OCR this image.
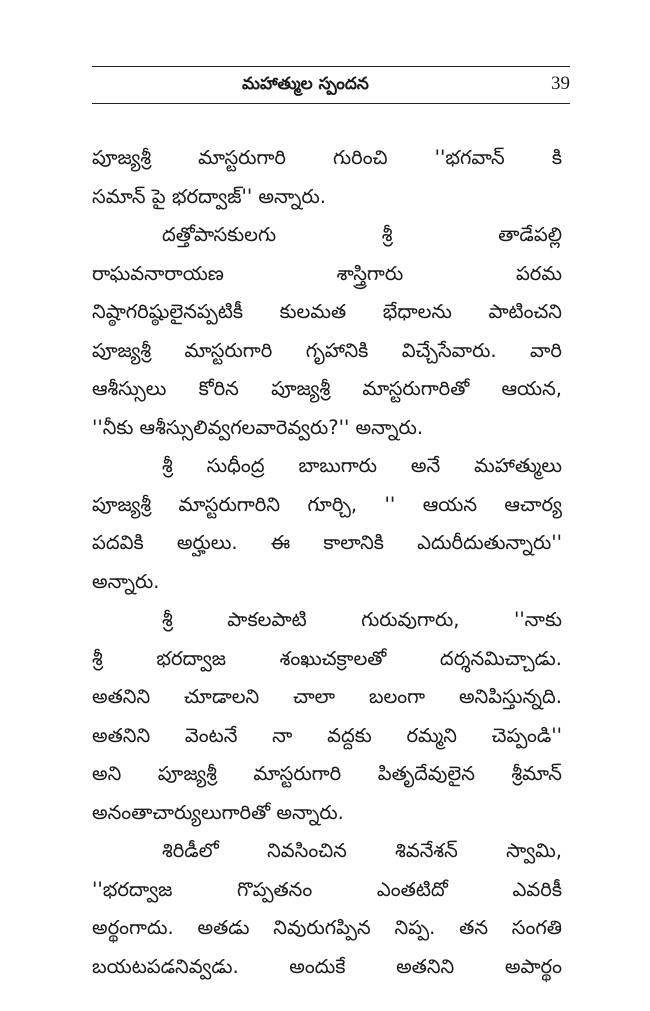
మహాత్ముల స్పందన	39
పూజ్యశ్రీ మాస్టరుగారి గురించి ''భగవాన్ కి
సమాన్ పై భరద్వాజ్'' అన్నారు.
దత్తోపాసకులగు శ్రీ తాడేపల్లి
రాఘవనారాయణ శాస్త్రిగారు పరమ
నిష్ఠాగరిష్ఠులైనప్పటికీ కులమత భేధాలను పాటించని
పూజ్యశ్రీ మాస్టరుగారి గృహానికి విచ్చేసేవారు. వారి
ఆశీస్సులు కోరిన పూజ్యశ్రీ మాస్టరుగారితో ఆయన,
''నీకు ఆశీస్సులివ్వగలవారెవ్వరు?'' అన్నారు.
శ్రీ సుధీంద్ర బాబుగారు అనే మహాత్ములు
పూజ్యశ్రీ మాస్టరుగారిని గూర్చి, '' ఆయన ఆచార్య
పదవికి అర్హులు. ఈ కాలానికి ఎదురీదుతున్నారు''
అన్నారు.
శ్రీ పాకలపాటి గురువుగారు, ''నాకు
శ్రీ భరద్వాజ శంఖుచక్రాలతో దర్శనమిచ్చాడు.
అతనిని చూడాలని చాలా బలంగా అనిపిస్తున్నది.
అతనిని వెంటనే నా వద్దకు రమ్మని చెప్పండి''
అని పూజ్యశ్రీ మాస్టరుగారి పితృదేవులైన శ్రీమాన్
అనంతాచార్యులుగారితో అన్నారు.
శిరిడీలో నివసించిన శివనేశన్ స్వామి,
''భరద్వాజ గొప్పతనం ఎంతటిదో ఎవరికీ
అర్థంగాదు. అతడు నివురుగప్పిన నిప్ప. తన సంగతి
బయటపడనివ్వడు. అందుకే అతనిని అపార్థం
